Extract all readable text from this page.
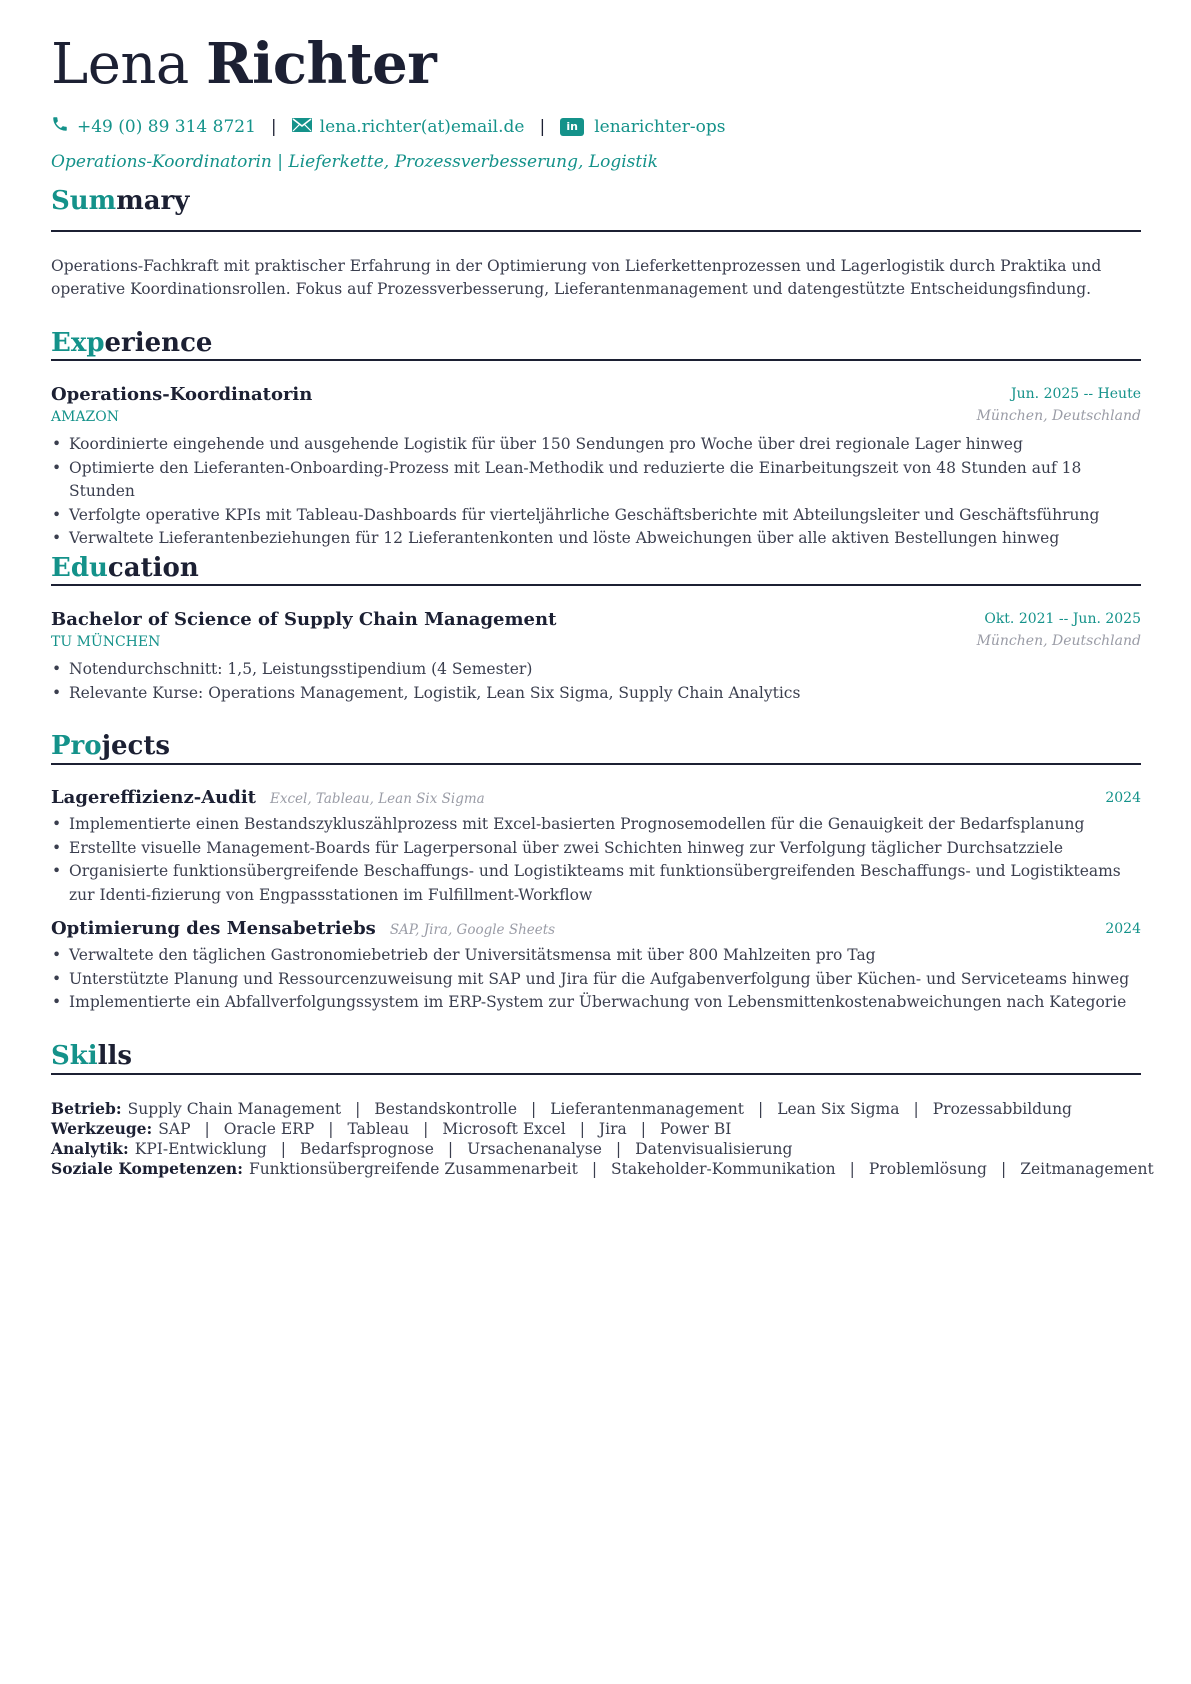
Lena Richter
+49 (0) 89 314 8721 |	lena.richter(at)email.de |	in lenarichter-ops
Operations-Koordinatorin | Lieferkette, Prozessverbesserung, Logistik
Summary
Operations-Fachkraft mit praktischer Erfahrung in der Optimierung von Lieferkettenprozessen und Lagerlogistik durch Praktika und operative Koordinationsrollen. Fokus auf Prozessverbesserung, Lieferantenmanagement und datengestützte Entscheidungsfindung.
Experience
Operations-Koordinatorin	Jun. 2025 -- Heute
AMAZON	München, Deutschland
• Koordinierte eingehende und ausgehende Logistik für über 150 Sendungen pro Woche über drei regionale Lager hinweg
• Optimierte den Lieferanten-Onboarding-Prozess mit Lean-Methodik und reduzierte die Einarbeitungszeit von 48 Stunden auf 18 Stunden
• Verfolgte operative KPIs mit Tableau-Dashboards für vierteljährliche Geschäftsberichte mit Abteilungsleiter und Geschäftsführung
• Verwaltete Lieferantenbeziehungen für 12 Lieferantenkonten und löste Abweichungen über alle aktiven Bestellungen hinweg
Education
Bachelor of Science of Supply Chain Management	Okt. 2021 -- Jun. 2025
TU MÜNCHEN	München, Deutschland
• Notendurchschnitt: 1,5, Leistungsstipendium (4 Semester)
• Relevante Kurse: Operations Management, Logistik, Lean Six Sigma, Supply Chain Analytics
Projects
Lagereffizienz-Audit Excel, Tableau, Lean Six Sigma	2024
• Implementierte einen Bestandszykluszählprozess mit Excel-basierten Prognosemodellen für die Genauigkeit der Bedarfsplanung
• Erstellte visuelle Management-Boards für Lagerpersonal über zwei Schichten hinweg zur Verfolgung täglicher Durchsatzziele
• Organisierte funktionsübergreifende Beschaffungs- und Logistikteams mit funktionsübergreifenden Beschaffungs- und Logistikteams zur Identi-fizierung von Engpassstationen im Fulfillment-Workflow
Optimierung des Mensabetriebs SAP, Jira, Google Sheets	2024
• Verwaltete den täglichen Gastronomiebetrieb der Universitätsmensa mit über 800 Mahlzeiten pro Tag
• Unterstützte Planung und Ressourcenzuweisung mit SAP und Jira für die Aufgabenverfolgung über Küchen- und Serviceteams hinweg
• Implementierte ein Abfallverfolgungssystem im ERP-System zur Überwachung von Lebensmittenkostenabweichungen nach Kategorie
Skills
Betrieb: Supply Chain Management | Bestandskontrolle | Lieferantenmanagement | Lean Six Sigma | Prozessabbildung
Werkzeuge: SAP | Oracle ERP | Tableau | Microsoft Excel | Jira | Power BI
Analytik: KPI-Entwicklung | Bedarfsprognose | Ursachenanalyse | Datenvisualisierung
Soziale Kompetenzen: Funktionsübergreifende Zusammenarbeit | Stakeholder-Kommunikation | Problemlösung | Zeitmanagement
